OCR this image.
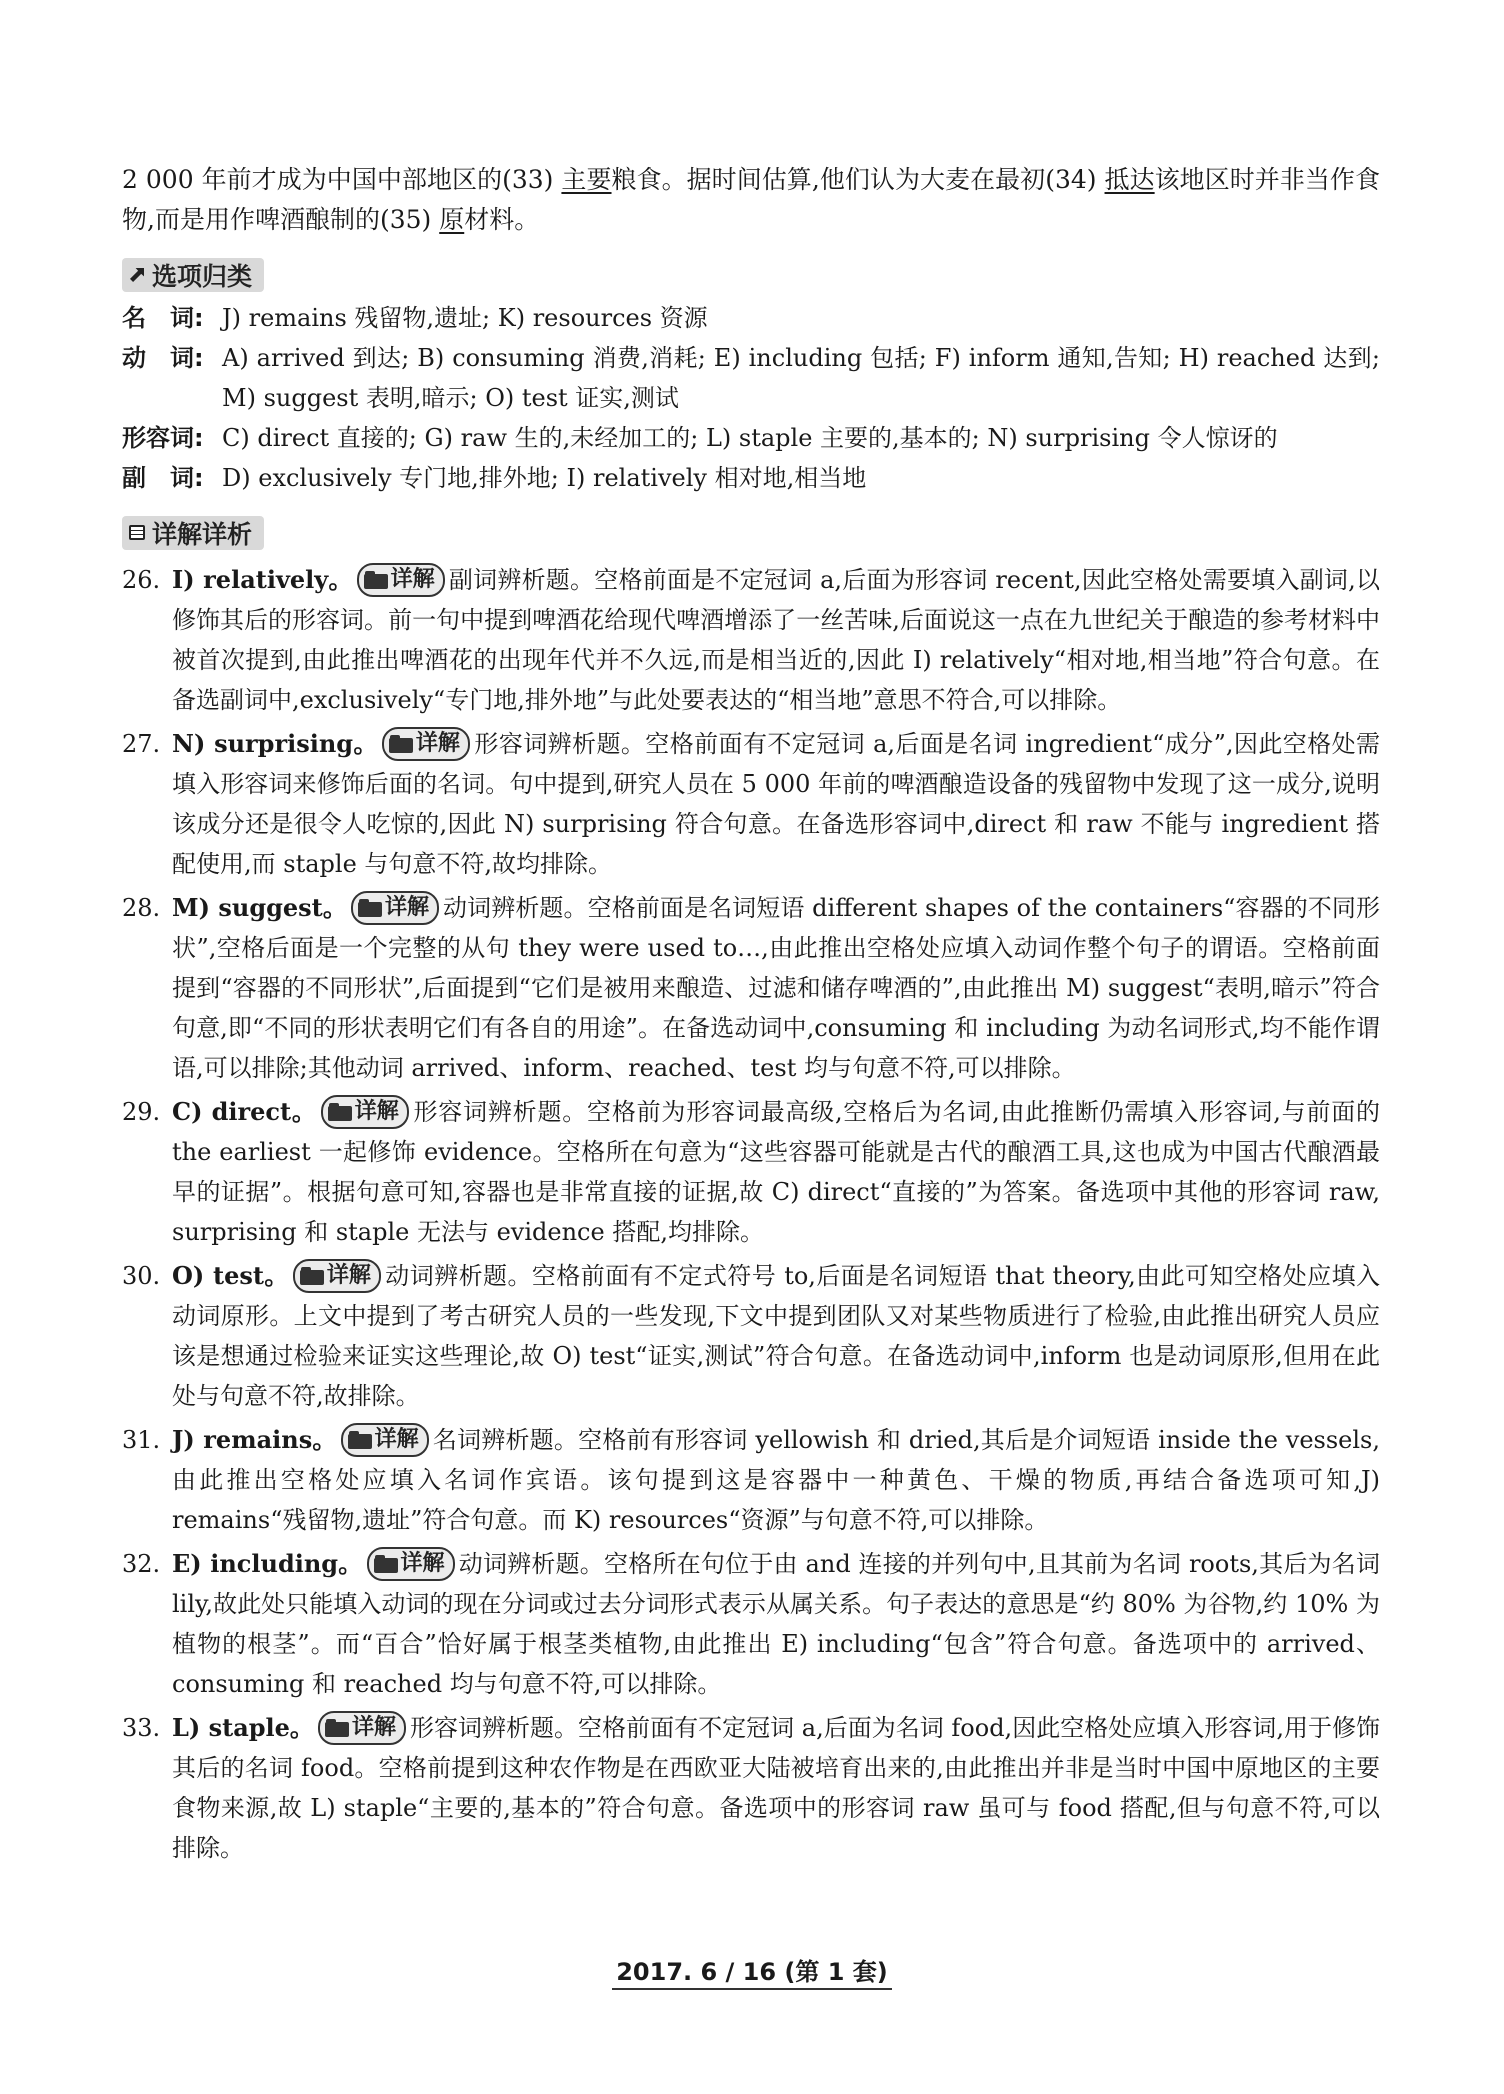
2 000 年前才成为中国中部地区的(33) 主要粮食。据时间估算,他们认为大麦在最初(34) 抵达该地区时并非当作食物,而是用作啤酒酿制的(35) 原材料。

选项归类
名　词: J) remains 残留物,遗址; K) resources 资源
动　词: A) arrived 到达; B) consuming 消费,消耗; E) including 包括; F) inform 通知,告知; H) reached 达到; M) suggest 表明,暗示; O) test 证实,测试
形容词: C) direct 直接的; G) raw 生的,未经加工的; L) staple 主要的,基本的; N) surprising 令人惊讶的
副　词: D) exclusively 专门地,排外地; I) relatively 相对地,相当地
详解详析
26. I) relatively。 详解 副词辨析题。空格前面是不定冠词 a,后面为形容词 recent,因此空格处需要填入副词,以修饰其后的形容词。前一句中提到啤酒花给现代啤酒增添了一丝苦味,后面说这一点在九世纪关于酿造的参考材料中被首次提到,由此推出啤酒花的出现年代并不久远,而是相当近的,因此 I) relatively“相对地,相当地”符合句意。在备选副词中,exclusively“专门地,排外地”与此处要表达的“相当地”意思不符合,可以排除。
27. N) surprising。 详解 形容词辨析题。空格前面有不定冠词 a,后面是名词 ingredient“成分”,因此空格处需填入形容词来修饰后面的名词。句中提到,研究人员在 5 000 年前的啤酒酿造设备的残留物中发现了这一成分,说明该成分还是很令人吃惊的,因此 N) surprising 符合句意。在备选形容词中,direct 和 raw 不能与 ingredient 搭配使用,而 staple 与句意不符,故均排除。
28. M) suggest。 详解 动词辨析题。空格前面是名词短语 different shapes of the containers“容器的不同形状”,空格后面是一个完整的从句 they were used to…,由此推出空格处应填入动词作整个句子的谓语。空格前面提到“容器的不同形状”,后面提到“它们是被用来酿造、过滤和储存啤酒的”,由此推出 M) suggest“表明,暗示”符合句意,即“不同的形状表明它们有各自的用途”。在备选动词中,consuming 和 including 为动名词形式,均不能作谓语,可以排除;其他动词 arrived、inform、reached、test 均与句意不符,可以排除。
29. C) direct。 详解 形容词辨析题。空格前为形容词最高级,空格后为名词,由此推断仍需填入形容词,与前面的 the earliest 一起修饰 evidence。空格所在句意为“这些容器可能就是古代的酿酒工具,这也成为中国古代酿酒最早的证据”。根据句意可知,容器也是非常直接的证据,故 C) direct“直接的”为答案。备选项中其他的形容词 raw, surprising 和 staple 无法与 evidence 搭配,均排除。
30. O) test。 详解 动词辨析题。空格前面有不定式符号 to,后面是名词短语 that theory,由此可知空格处应填入动词原形。上文中提到了考古研究人员的一些发现,下文中提到团队又对某些物质进行了检验,由此推出研究人员应该是想通过检验来证实这些理论,故 O) test“证实,测试”符合句意。在备选动词中,inform 也是动词原形,但用在此处与句意不符,故排除。
31. J) remains。 详解 名词辨析题。空格前有形容词 yellowish 和 dried,其后是介词短语 inside the vessels,由此推出空格处应填入名词作宾语。该句提到这是容器中一种黄色、干燥的物质,再结合备选项可知,J) remains“残留物,遗址”符合句意。而 K) resources“资源”与句意不符,可以排除。
32. E) including。 详解 动词辨析题。空格所在句位于由 and 连接的并列句中,且其前为名词 roots,其后为名词 lily,故此处只能填入动词的现在分词或过去分词形式表示从属关系。句子表达的意思是“约 80% 为谷物,约 10% 为植物的根茎”。而“百合”恰好属于根茎类植物,由此推出 E) including“包含”符合句意。备选项中的 arrived、consuming 和 reached 均与句意不符,可以排除。
33. L) staple。 详解 形容词辨析题。空格前面有不定冠词 a,后面为名词 food,因此空格处应填入形容词,用于修饰其后的名词 food。空格前提到这种农作物是在西欧亚大陆被培育出来的,由此推出并非是当时中国中原地区的主要食物来源,故 L) staple“主要的,基本的”符合句意。备选项中的形容词 raw 虽可与 food 搭配,但与句意不符,可以排除。
2017. 6 / 16 (第 1 套)
